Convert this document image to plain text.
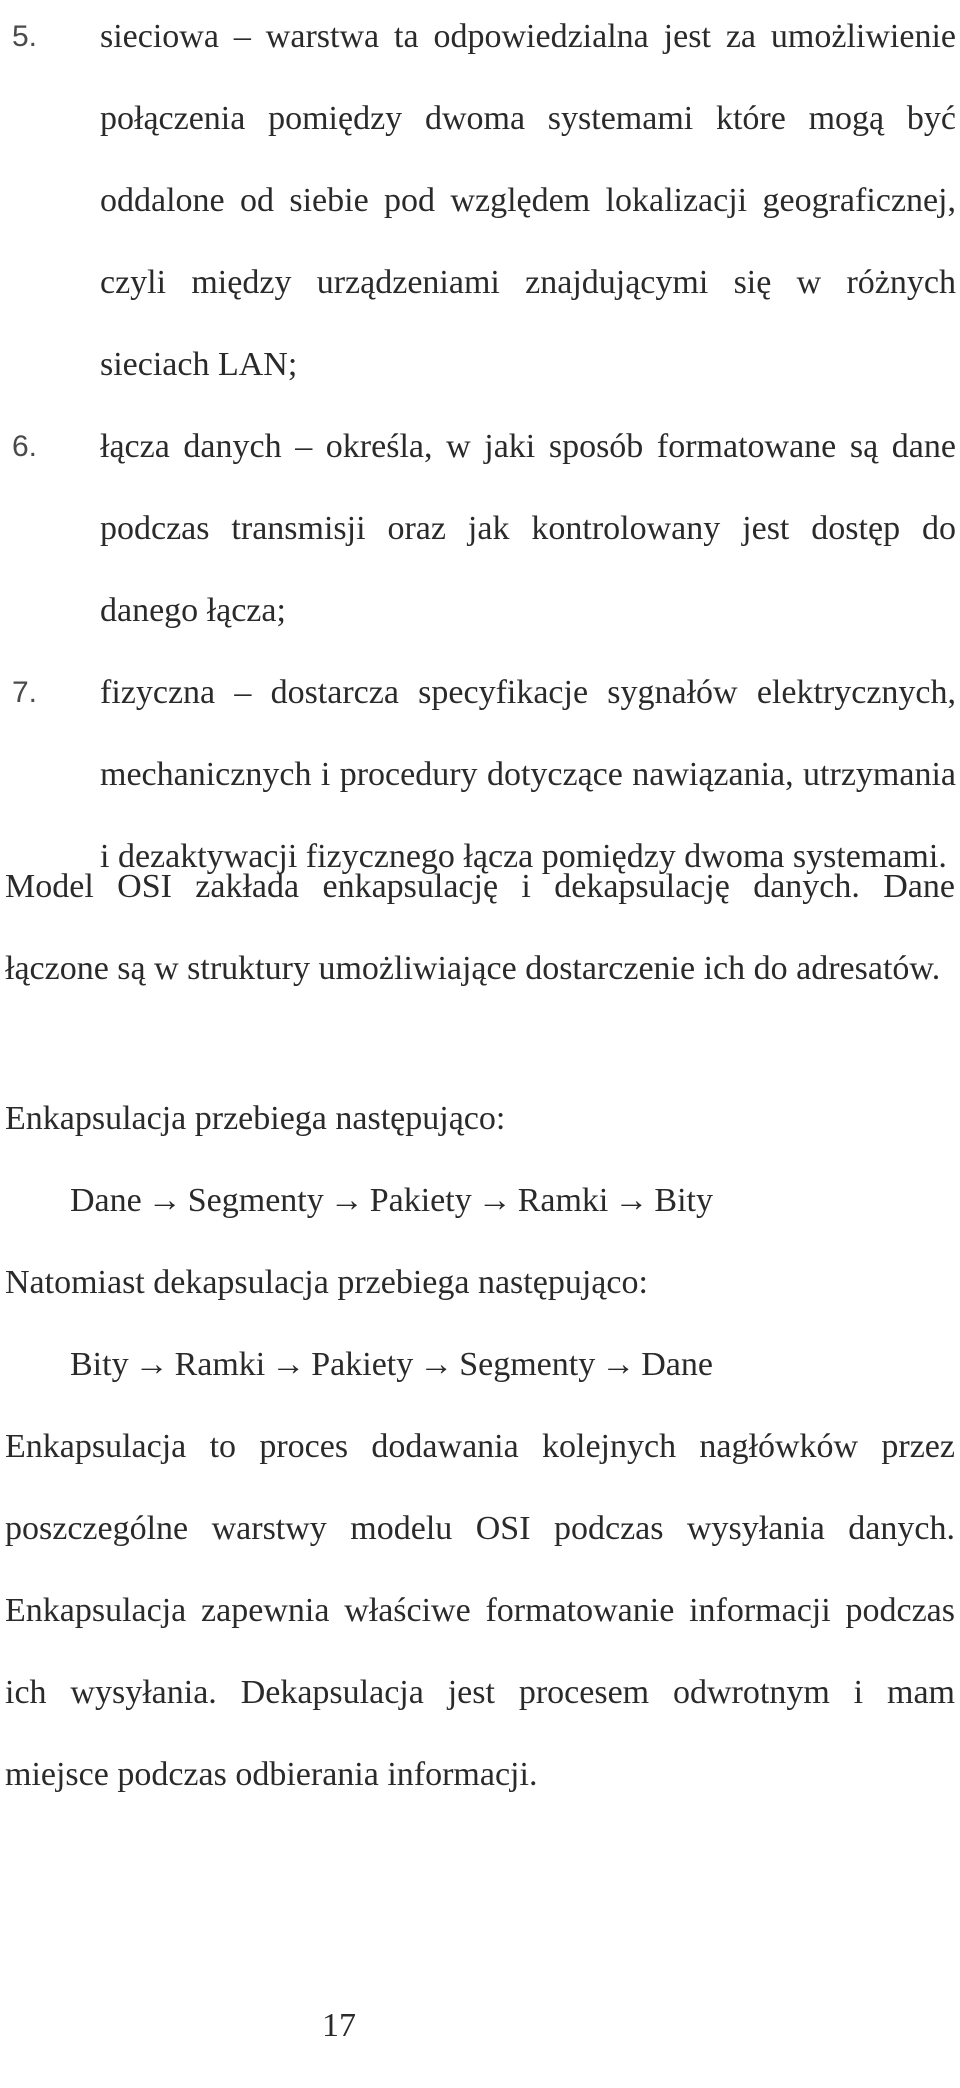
5. sieciowa – warstwa ta odpowiedzialna jest za umożliwienie połączenia pomiędzy dwoma systemami które mogą być oddalone od siebie pod względem lokalizacji geograficznej, czyli między urządzeniami znajdującymi się w różnych sieciach LAN;
6. łącza danych – określa, w jaki sposób formatowane są dane podczas transmisji oraz jak kontrolowany jest dostęp do danego łącza;
7. fizyczna – dostarcza specyfikacje sygnałów elektrycznych, mechanicznych i procedury dotyczące nawiązania, utrzymania i dezaktywacji fizycznego łącza pomiędzy dwoma systemami.

Model OSI zakłada enkapsulację i dekapsulację danych. Dane łączone są w struktury umożliwiające dostarczenie ich do adresatów.

Enkapsulacja przebiega następująco:

Dane → Segmenty → Pakiety → Ramki → Bity

Natomiast dekapsulacja przebiega następująco:

Bity → Ramki → Pakiety → Segmenty → Dane

Enkapsulacja to proces dodawania kolejnych nagłówków przez poszczególne warstwy modelu OSI podczas wysyłania danych. Enkapsulacja zapewnia właściwe formatowanie informacji podczas ich wysyłania. Dekapsulacja jest procesem odwrotnym i mam miejsce podczas odbierania informacji.

17
